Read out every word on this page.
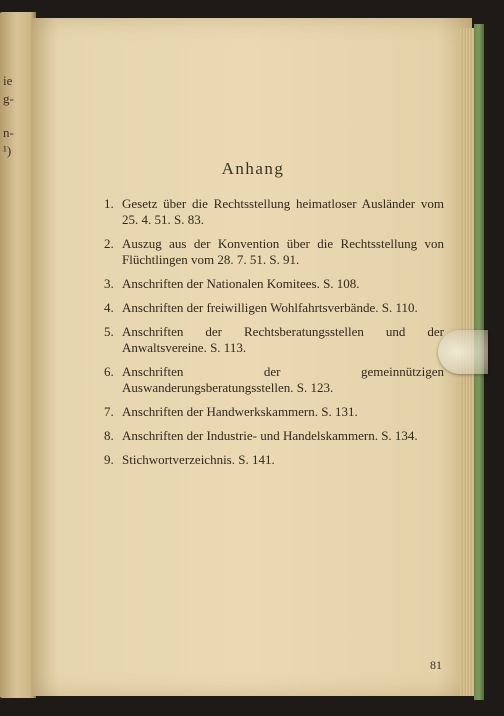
ie
g-
n-
¹)
Anhang
1. Gesetz über die Rechtsstellung heimatloser Ausländer vom 25. 4. 51. S. 83.
2. Auszug aus der Konvention über die Rechtsstellung von Flüchtlingen vom 28. 7. 51. S. 91.
3. Anschriften der Nationalen Komitees. S. 108.
4. Anschriften der freiwilligen Wohlfahrtsverbände. S. 110.
5. Anschriften der Rechtsberatungsstellen und der Anwaltsvereine. S. 113.
6. Anschriften der gemeinnützigen Auswanderungsberatungsstellen. S. 123.
7. Anschriften der Handwerkskammern. S. 131.
8. Anschriften der Industrie- und Handelskammern. S. 134.
9. Stichwortverzeichnis. S. 141.
81
